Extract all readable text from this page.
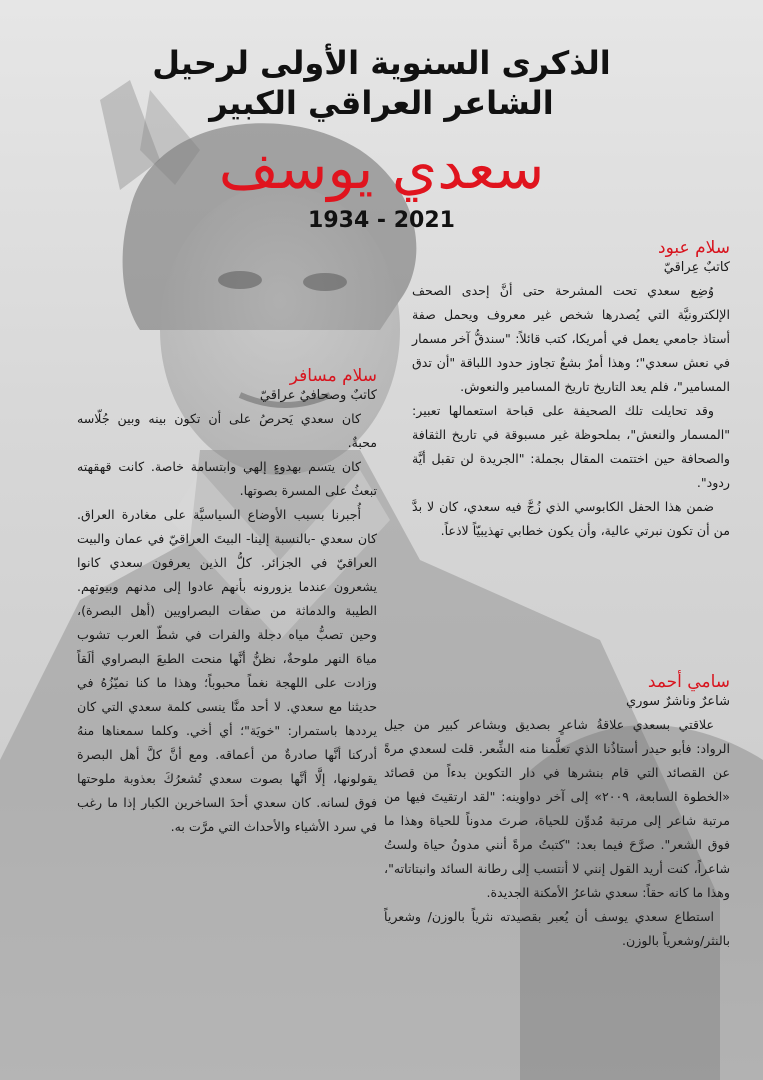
الذكرى السنوية الأولى لرحيل
الشاعر العراقي الكبير
سعدي يوسف
1934 - 2021
سلام عبود
كاتبٌ عِراقيّ

وُضِع سعدي تحت المشرحة حتى أنَّ إحدى الصحف الإلكترونيَّة التي يُصدرها شخص غير معروف ويحمل صفة أستاذ جامعي يعمل في أمريكا، كتب قائلاً: "سندقُّ آخر مسمار في نعش سعدي"؛ وهذا أمرٌ بشعٌ تجاوز حدود اللباقة "أن تدق المسامير"، فلم يعد التاريخ تاريخ المسامير والنعوش.

وقد تحايلت تلك الصحيفة على قباحة استعمالها تعبير: "المسمار والنعش"، بملحوظة غير مسبوقة في تاريخ الثقافة والصحافة حين اختتمت المقال بجملة: "الجريدة لن تقبل أيَّة ردود".

ضمن هذا الحفل الكابوسي الذي زُجَّ فيه سعدي، كان لا بدَّ من أن تكون نبرتي عالية، وأن يكون خطابي تهذيبيّاً لاذعاً.

سلام مسافر
كاتبٌ وصحافيٌ عراقيّ

كان سعدي يَحرصُ على أن تكون بينه وبين جُلّاسه محبةٌ.

كان يتسم بهدوءٍ إلهي وابتسامة خاصة. كانت قهقهته تبعثُ على المسرة بصوتها.

أُجبرنا بسبب الأوضاع السياسيَّة على مغادرة العراق. كان سعدي -بالنسبة إلينا- البيتَ العراقيّ في عمان والبيت العراقيّ في الجزائر. كلُّ الذين يعرفون سعدي كانوا يشعرون عندما يزورونه بأنهم عادوا إلى مدنهم وبيوتهم. الطيبة والدماثة من صفات البصراويين (أهل البصرة)، وحين تصبُّ مياه دجلة والفرات في شطّ العرب تشوب مياهَ النهر ملوحةٌ، نظنُّ أنَّها منحت الطبعَ البصراوي ألَقاً وزادت على اللهجة نغماً محبوباً؛ وهذا ما كنا نميّزُهُ في حديثنا مع سعدي. لا أحد منَّا ينسى كلمة سعدي التي كان يرددها باستمرار: "خويَة"؛ أي أخي. وكلما سمعناها منهُ أدركنا أنَّها صادرةٌ من أعماقه. ومع أنَّ كلَّ أهل البصرة يقولونها، إلَّا أنَّها بصوت سعدي تُشعرُكَ بعذوبة ملوحتها فوق لسانه. كان سعدي أحدَ الساخرين الكبار إذا ما رغب في سرد الأشياء والأحداث التي مرَّت به.

سامي أحمد
شاعرٌ وناشرٌ سوري

علاقتي بسعدي علاقةُ شاعرٍ بصديق وبشاعر كبير من جيل الرواد: فأبو حيدر أستاذُنا الذي تعلَّمنا منه الشِّعر. قلت لسعدي مرةً عن القصائد التي قام بنشرها في دار التكوين بدءاً من قصائد «الخطوة السابعة، ٢٠٠٩» إلى آخر دواوينه: "لقد ارتقيتَ فيها من مرتبة شاعر إلى مرتبة مُدوِّن للحياة، صرتَ مدوناً للحياة وهذا ما فوق الشعر". صرَّحَ فيما بعد: "كتبتُ مرةً أنني مدونُ حياة ولستُ شاعراً، كنت أريد القول إنني لا أنتسب إلى رطانة السائد وانبتاتاته"، وهذا ما كانه حقاً: سعدي شاعرُ الأمكنة الجديدة.

استطاع سعدي يوسف أن يُعبر بقصيدته نثرياً بالوزن/ وشعرياً بالنثر/وشعرياً بالوزن.
